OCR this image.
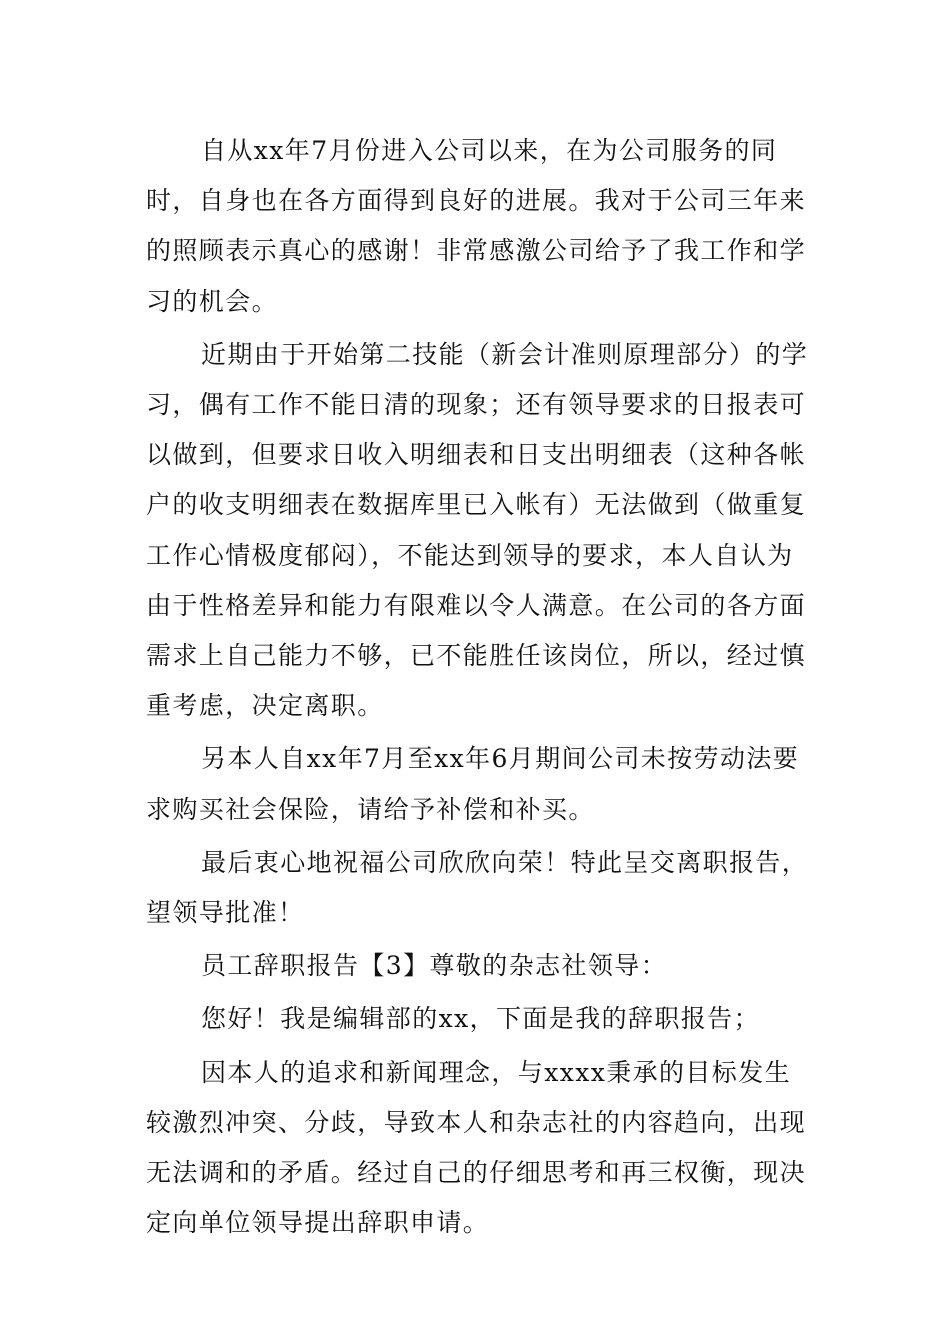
自从xx年7月份进入公司以来，在为公司服务的同时，自身也在各方面得到良好的进展。我对于公司三年来的照顾表示真心的感谢！非常感激公司给予了我工作和学习的机会。

近期由于开始第二技能（新会计准则原理部分）的学习，偶有工作不能日清的现象；还有领导要求的日报表可以做到，但要求日收入明细表和日支出明细表（这种各帐户的收支明细表在数据库里已入帐有）无法做到（做重复工作心情极度郁闷），不能达到领导的要求，本人自认为由于性格差异和能力有限难以令人满意。在公司的各方面需求上自己能力不够，已不能胜任该岗位，所以，经过慎重考虑，决定离职。

另本人自xx年7月至xx年6月期间公司未按劳动法要求购买社会保险，请给予补偿和补买。

最后衷心地祝福公司欣欣向荣！特此呈交离职报告，望领导批准！

员工辞职报告【3】尊敬的杂志社领导：

您好！我是编辑部的xx，下面是我的辞职报告；

因本人的追求和新闻理念，与xxxx秉承的目标发生较激烈冲突、分歧，导致本人和杂志社的内容趋向，出现无法调和的矛盾。经过自己的仔细思考和再三权衡，现决定向单位领导提出辞职申请。
